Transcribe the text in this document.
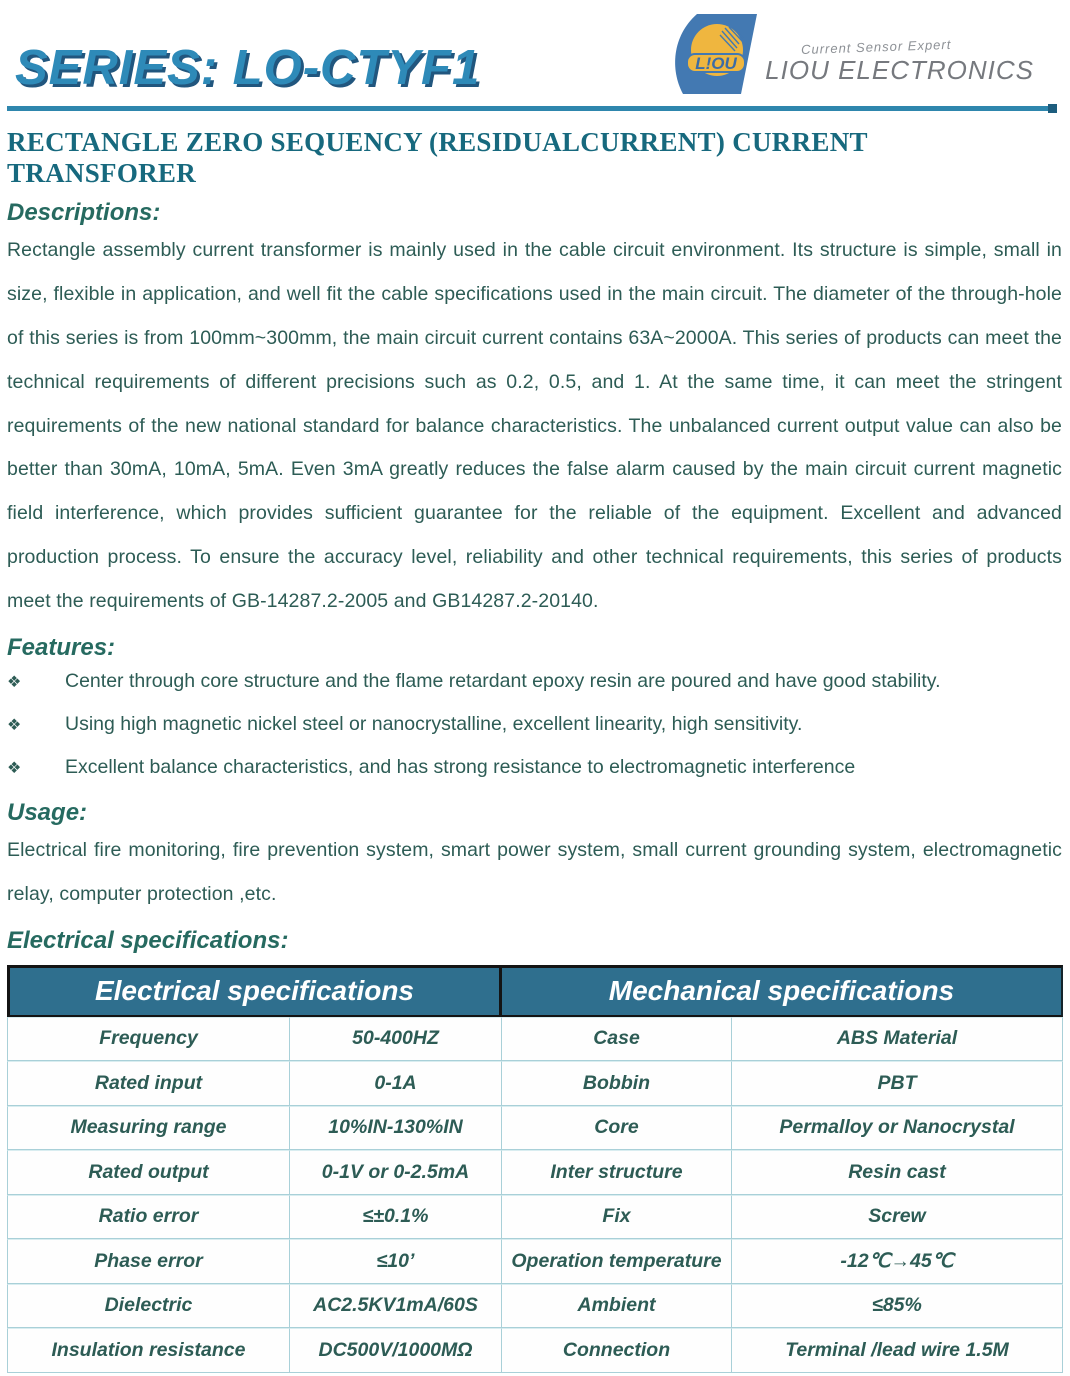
SERIES: LO-CTYF1	L!OU
Current Sensor Expert
LIOU ELECTRONICS
RECTANGLE ZERO SEQUENCY (RESIDUALCURRENT) CURRENT TRANSFORER
Descriptions:

Rectangle assembly current transformer is mainly used in the cable circuit environment. Its structure is simple, small in size, flexible in application, and well fit the cable specifications used in the main circuit. The diameter of the through-hole of this series is from 100mm~300mm, the main circuit current contains 63A~2000A. This series of products can meet the technical requirements of different precisions such as 0.2, 0.5, and 1. At the same time, it can meet the stringent requirements of the new national standard for balance characteristics. The unbalanced current output value can also be better than 30mA, 10mA, 5mA. Even 3mA greatly reduces the false alarm caused by the main circuit current magnetic field interference, which provides sufficient guarantee for the reliable of the equipment. Excellent and advanced production process. To ensure the accuracy level, reliability and other technical requirements, this series of products meet the requirements of GB-14287.2-2005 and GB14287.2-20140.

Features:
❖	Center through core structure and the flame retardant epoxy resin are poured and have good stability.
❖	Using high magnetic nickel steel or nanocrystalline, excellent linearity, high sensitivity.
❖	Excellent balance characteristics, and has strong resistance to electromagnetic interference
Usage:

Electrical fire monitoring, fire prevention system, smart power system, small current grounding system, electromagnetic relay, computer protection ,etc.

Electrical specifications:
Electrical specifications	Mechanical specifications
Frequency	50-400HZ	Case	ABS Material
Rated input	0-1A	Bobbin	PBT
Measuring range	10%IN-130%IN	Core	Permalloy or Nanocrystal
Rated output	0-1V or 0-2.5mA	Inter structure	Resin cast
Ratio error	≤±0.1%	Fix	Screw
Phase error	≤10’	Operation temperature	-12℃→45℃
Dielectric	AC2.5KV1mA/60S	Ambient	≤85%
Insulation resistance	DC500V/1000MΩ	Connection	Terminal /lead wire 1.5M
